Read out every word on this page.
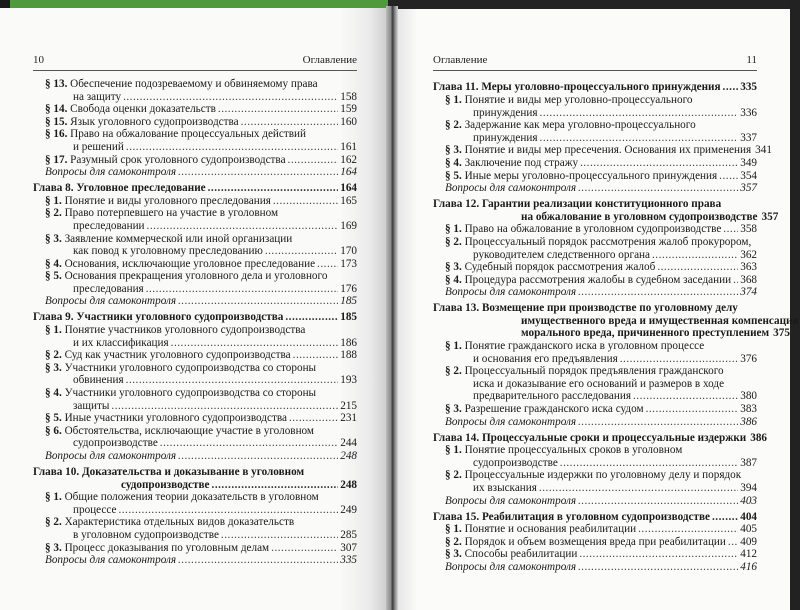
10	Оглавление
§ 13. Обеспечение подозреваемому и обвиняемому права
на защиту .....	158
§ 14. Свобода оценки доказательств .....	159
§ 15. Язык уголовного судопроизводства .....	160
§ 16. Право на обжалование процессуальных действий
и решений .....	161
§ 17. Разумный срок уголовного судопроизводства .....	162
Вопросы для самоконтроля .....	164
Глава 8. Уголовное преследование .....	164
§ 1. Понятие и виды уголовного преследования .....	165
§ 2. Право потерпевшего на участие в уголовном
преследовании .....	169
§ 3. Заявление коммерческой или иной организации
как повод к уголовному преследованию .....	170
§ 4. Основания, исключающие уголовное преследование ..... 173
§ 5. Основания прекращения уголовного дела и уголовного
преследования .....	176
Вопросы для самоконтроля .....	185
Глава 9. Участники уголовного судопроизводства .....	185
§ 1. Понятие участников уголовного судопроизводства
и их классификация .....	186
§ 2. Суд как участник уголовного судопроизводства .....	188
§ 3. Участники уголовного судопроизводства со стороны
обвинения .....	193
§ 4. Участники уголовного судопроизводства со стороны
защиты .....	215
§ 5. Иные участники уголовного судопроизводства .....	231
§ 6. Обстоятельства, исключающие участие в уголовном
судопроизводстве .....	244
Вопросы для самоконтроля .....	248
Глава 10. Доказательства и доказывание в уголовном
судопроизводстве .....	248
§ 1. Общие положения теории доказательств в уголовном
процессе .....	249
§ 2. Характеристика отдельных видов доказательств
в уголовном судопроизводстве .....	285
§ 3. Процесс доказывания по уголовным делам .....	307
Вопросы для самоконтроля .....	335
Оглавление	11
Глава 11. Меры уголовно-процессуального принуждения ..... 335
§ 1. Понятие и виды мер уголовно-процессуального
принуждения .....	336
§ 2. Задержание как мера уголовно-процессуального
принуждения .....	337
§ 3. Понятие и виды мер пресечения. Основания их применения 341
§ 4. Заключение под стражу .....	349
§ 5. Иные меры уголовно-процессуального принуждения ..... 354
Вопросы для самоконтроля .....	357
Глава 12. Гарантии реализации конституционного права
на обжалование в уголовном судопроизводстве 357
§ 1. Право на обжалование в уголовном судопроизводстве ..... 358
§ 2. Процессуальный порядок рассмотрения жалоб прокурором,
руководителем следственного органа .....	362
§ 3. Судебный порядок рассмотрения жалоб .....	363
§ 4. Процедура рассмотрения жалобы в судебном заседании ..... 368
Вопросы для самоконтроля .....	374
Глава 13. Возмещение при производстве по уголовному делу
имущественного вреда и имущественная компенсация
морального вреда, причиненного преступлением 375
§ 1. Понятие гражданского иска в уголовном процессе
и основания его предъявления .....	376
§ 2. Процессуальный порядок предъявления гражданского
иска и доказывание его оснований и размеров в ходе
предварительного расследования .....	380
§ 3. Разрешение гражданского иска судом .....	383
Вопросы для самоконтроля .....	386
Глава 14. Процессуальные сроки и процессуальные издержки 386
§ 1. Понятие процессуальных сроков в уголовном
судопроизводстве .....	387
§ 2. Процессуальные издержки по уголовному делу и порядок
их взыскания .....	394
Вопросы для самоконтроля .....	403
Глава 15. Реабилитация в уголовном судопроизводстве .....	404
§ 1. Понятие и основания реабилитации .....	405
§ 2. Порядок и объем возмещения вреда при реабилитации ..... 409
§ 3. Способы реабилитации .....	412
Вопросы для самоконтроля .....	416
